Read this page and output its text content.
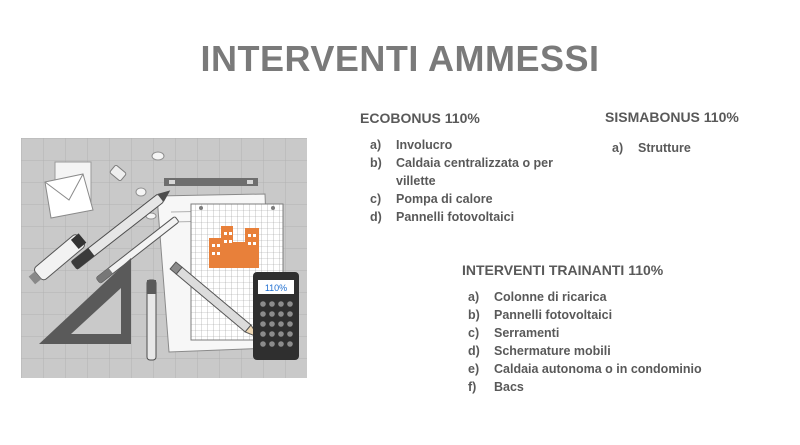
INTERVENTI AMMESSI
ECOBONUS 110%
a)	Involucro
b)	Caldaia centralizzata o per villette
c)	Pompa di calore
d)	Pannelli fotovoltaici
SISMABONUS 110%
a)	Strutture
INTERVENTI TRAINANTI 110%
a)	Colonne di ricarica
b)	Pannelli fotovoltaici
c)	Serramenti
d)	Schermature mobili
e)	Caldaia autonoma o in condominio
f)	Bacs
110%
